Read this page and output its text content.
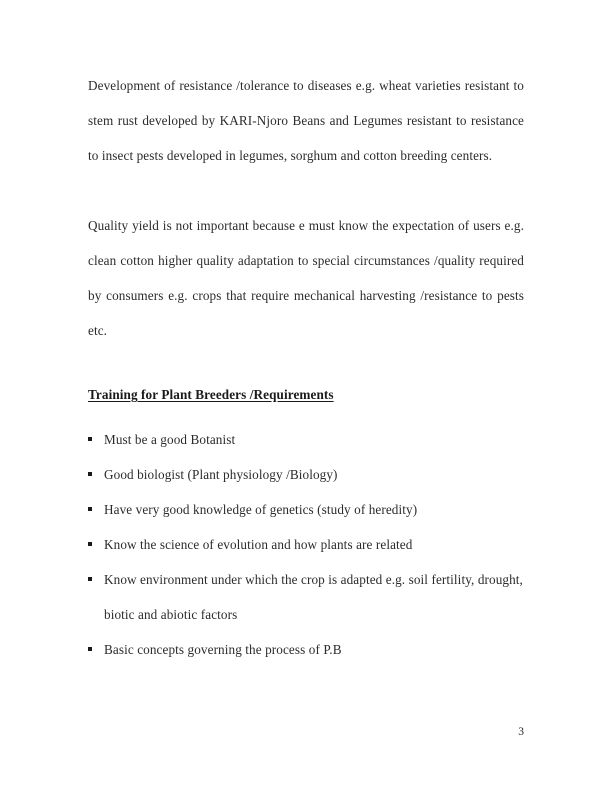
Development of resistance /tolerance to diseases e.g. wheat varieties resistant to stem rust developed by KARI-Njoro Beans and Legumes resistant to resistance to insect pests developed in legumes, sorghum and cotton breeding centers.

Quality yield is not important because e must know the expectation of users e.g. clean cotton higher quality adaptation to special circumstances /quality required by consumers e.g. crops that require mechanical harvesting /resistance to pests etc.

Training for Plant Breeders /Requirements
Must be a good Botanist
Good biologist (Plant physiology /Biology)
Have very good knowledge of genetics (study of heredity)
Know the science of evolution and how plants are related
Know environment under which the crop is adapted e.g. soil fertility, drought, biotic and abiotic factors
Basic concepts governing the process of P.B
3
